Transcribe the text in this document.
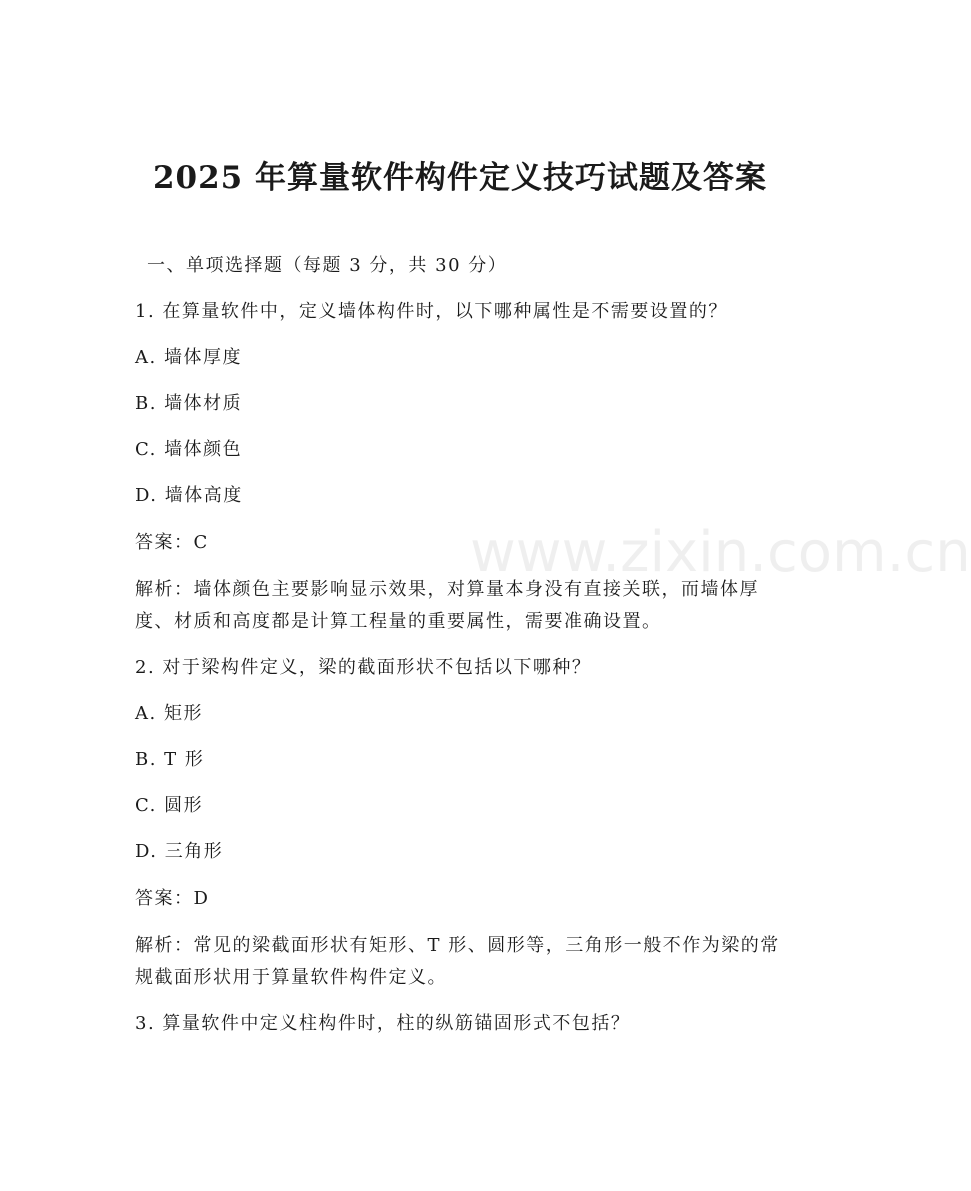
2025 年算量软件构件定义技巧试题及答案

一、单项选择题（每题 3 分，共 30 分）

1. 在算量软件中，定义墙体构件时，以下哪种属性是不需要设置的？

A. 墙体厚度

B. 墙体材质

C. 墙体颜色

D. 墙体高度

答案：C

解析：墙体颜色主要影响显示效果，对算量本身没有直接关联，而墙体厚度、材质和高度都是计算工程量的重要属性，需要准确设置。

2. 对于梁构件定义，梁的截面形状不包括以下哪种？

A. 矩形

B. T 形

C. 圆形

D. 三角形

答案：D

解析：常见的梁截面形状有矩形、T 形、圆形等，三角形一般不作为梁的常规截面形状用于算量软件构件定义。

3. 算量软件中定义柱构件时，柱的纵筋锚固形式不包括？

www.zixin.com.cn
